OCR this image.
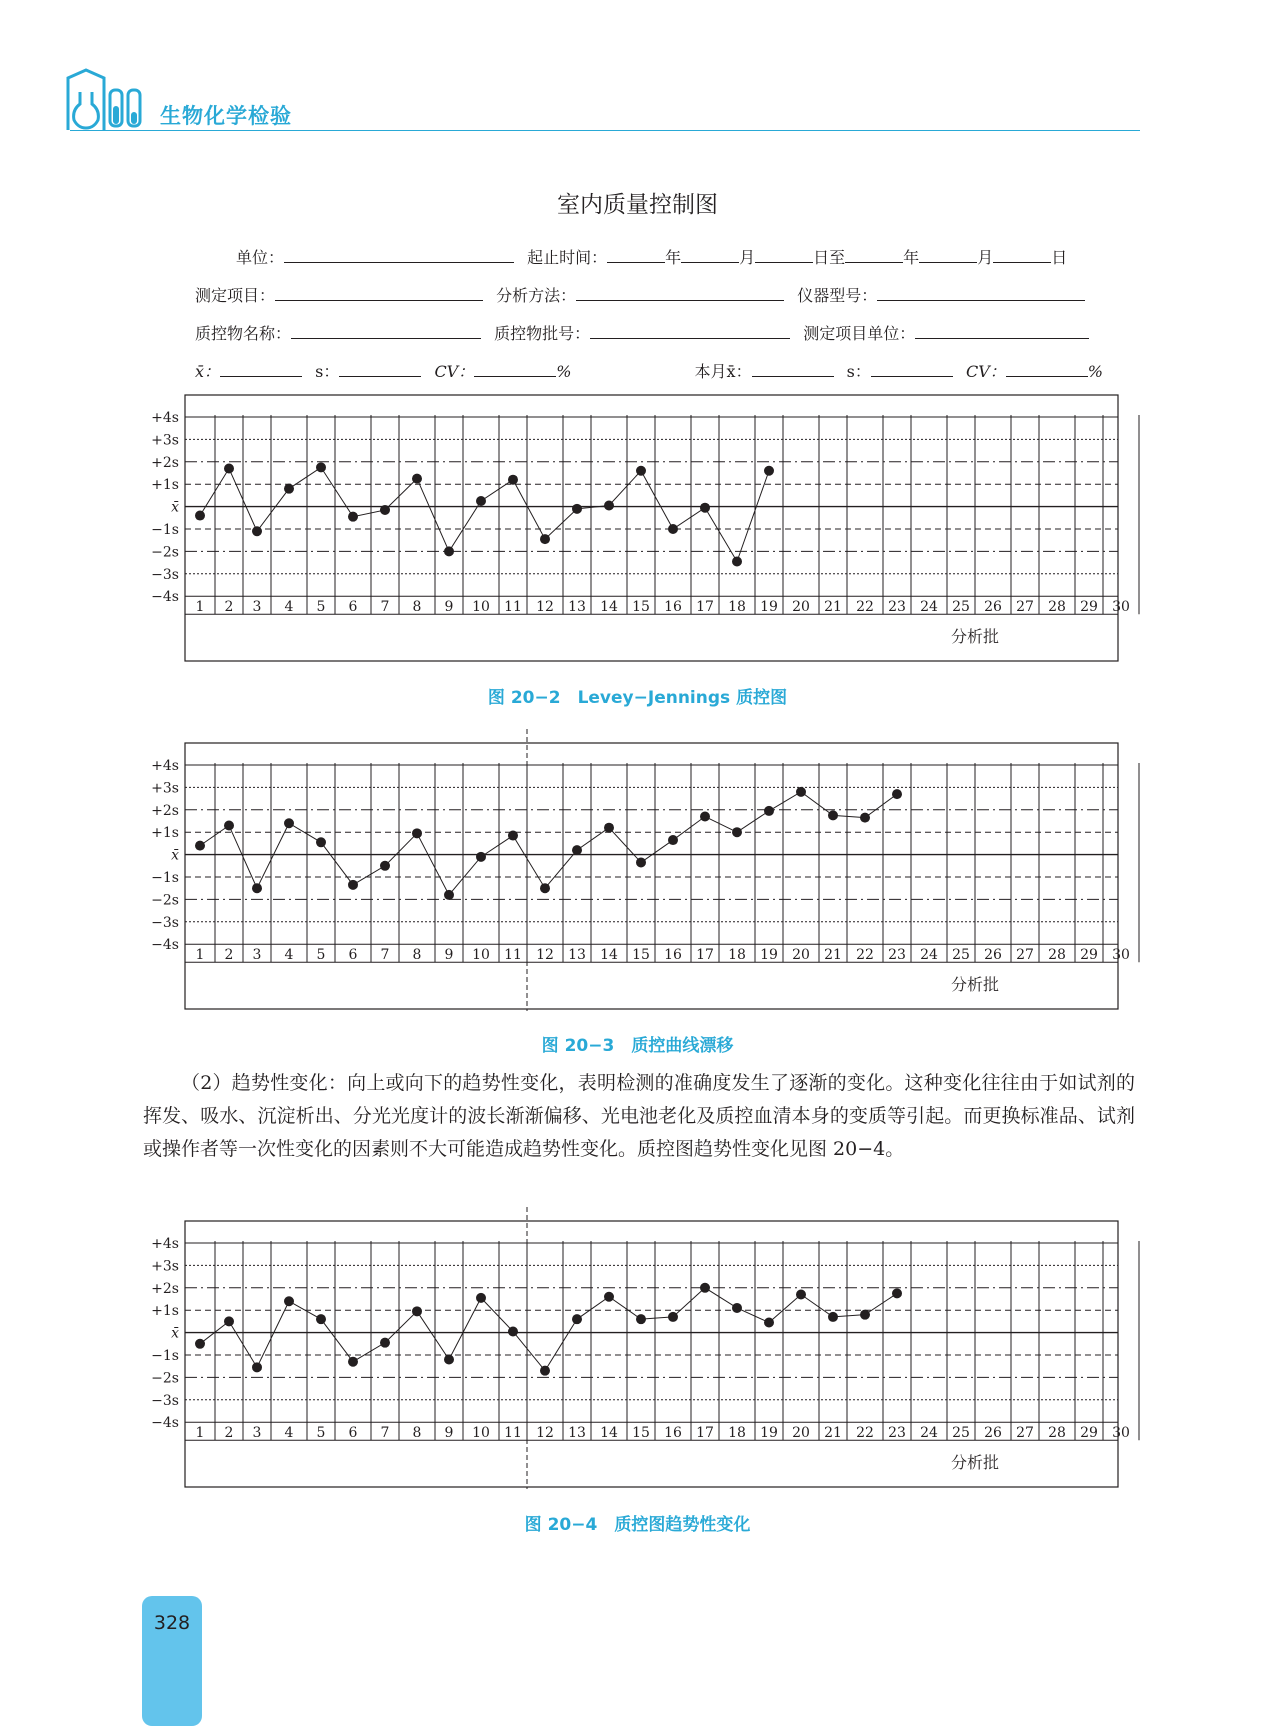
生物化学检验
室内质量控制图
单位：	起止时间：	年	月	日至	年	月	日
测定项目：	分析方法：	仪器型号：
质控物名称：	质控物批号：	测定项目单位：
x̄：	s：	CV：	%	本月x̄：	s：	CV：	%
+4s
+3s
+2s
+1s
x̄
−1s
−2s
−3s
−4s
1 2 3 4 5 6 7 8 9 10 11 12 13 14 15 16 17 18 19 20 21 22 23 24 25 26 27 28 29 30
分析批
图 20−2　Levey−Jennings 质控图
+4s
+3s
+2s
+1s
x̄
−1s
−2s
−3s
−4s
1 2 3 4 5 6 7 8 9 10 11 12 13 14 15 16 17 18 19 20 21 22 23 24 25 26 27 28 29 30
分析批
图 20−3　质控曲线漂移

（2）趋势性变化：向上或向下的趋势性变化，表明检测的准确度发生了逐渐的变化。这种变化往往由于如试剂的挥发、吸水、沉淀析出、分光光度计的波长渐渐偏移、光电池老化及质控血清本身的变质等引起。而更换标准品、试剂或操作者等一次性变化的因素则不大可能造成趋势性变化。质控图趋势性变化见图 20−4。

+4s
+3s
+2s
+1s
x̄
−1s
−2s
−3s
−4s
1 2 3 4 5 6 7 8 9 10 11 12 13 14 15 16 17 18 19 20 21 22 23 24 25 26 27 28 29 30
分析批
图 20−4　质控图趋势性变化
328
